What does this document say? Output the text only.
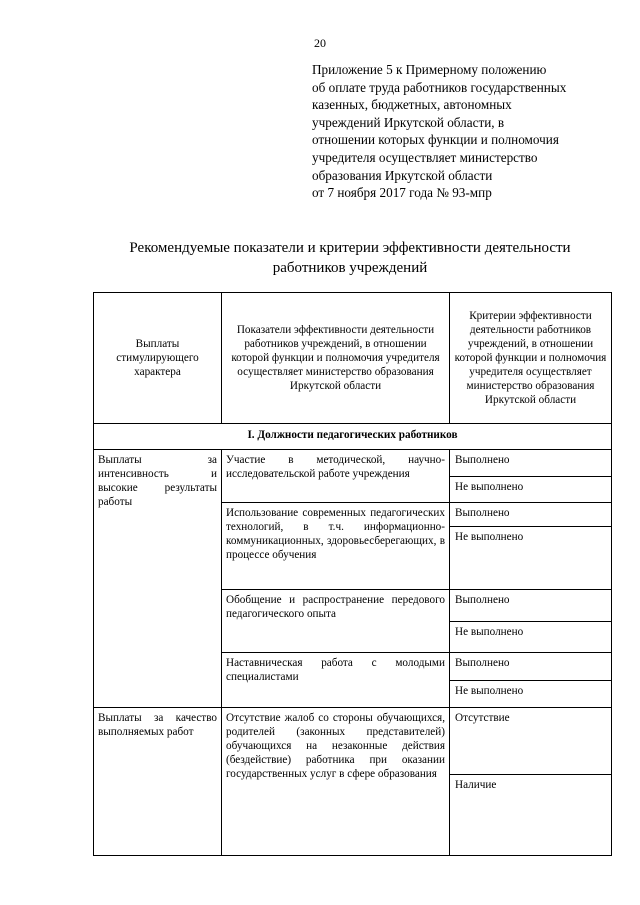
20
Приложение 5 к Примерному положению
об оплате труда работников государственных
казенных, бюджетных, автономных
учреждений Иркутской области, в
отношении которых функции и полномочия
учредителя осуществляет министерство
образования Иркутской области
от 7 ноября 2017 года № 93-мпр
Рекомендуемые показатели и критерии эффективности деятельности
работников учреждений
Выплаты стимулирующего характера	Показатели эффективности деятельности работников учреждений, в отношении которой функции и полномочия учредителя осуществляет министерство образования Иркутской области	Критерии эффективности деятельности работников учреждений, в отношении которой функции и полномочия учредителя осуществляет министерство образования Иркутской области
I. Должности педагогических работников		
Выплаты за интенсивность и высокие результаты работы	Участие в методической, научно-исследовательской работе учреждения	Выполнено
		Не выполнено
	Использование современных педагогических технологий, в т.ч. информационно-коммуникационных, здоровьесберегающих, в процессе обучения	Выполнено
		Не выполнено
	Обобщение и распространение передового педагогического опыта	Выполнено
		Не выполнено
	Наставническая работа с молодыми специалистами	Выполнено
		Не выполнено
Выплаты за качество выполняемых работ	Отсутствие жалоб со стороны обучающихся, родителей (законных представителей) обучающихся на незаконные действия (бездействие) работника при оказании государственных услуг в сфере образования	Отсутствие
		Наличие
